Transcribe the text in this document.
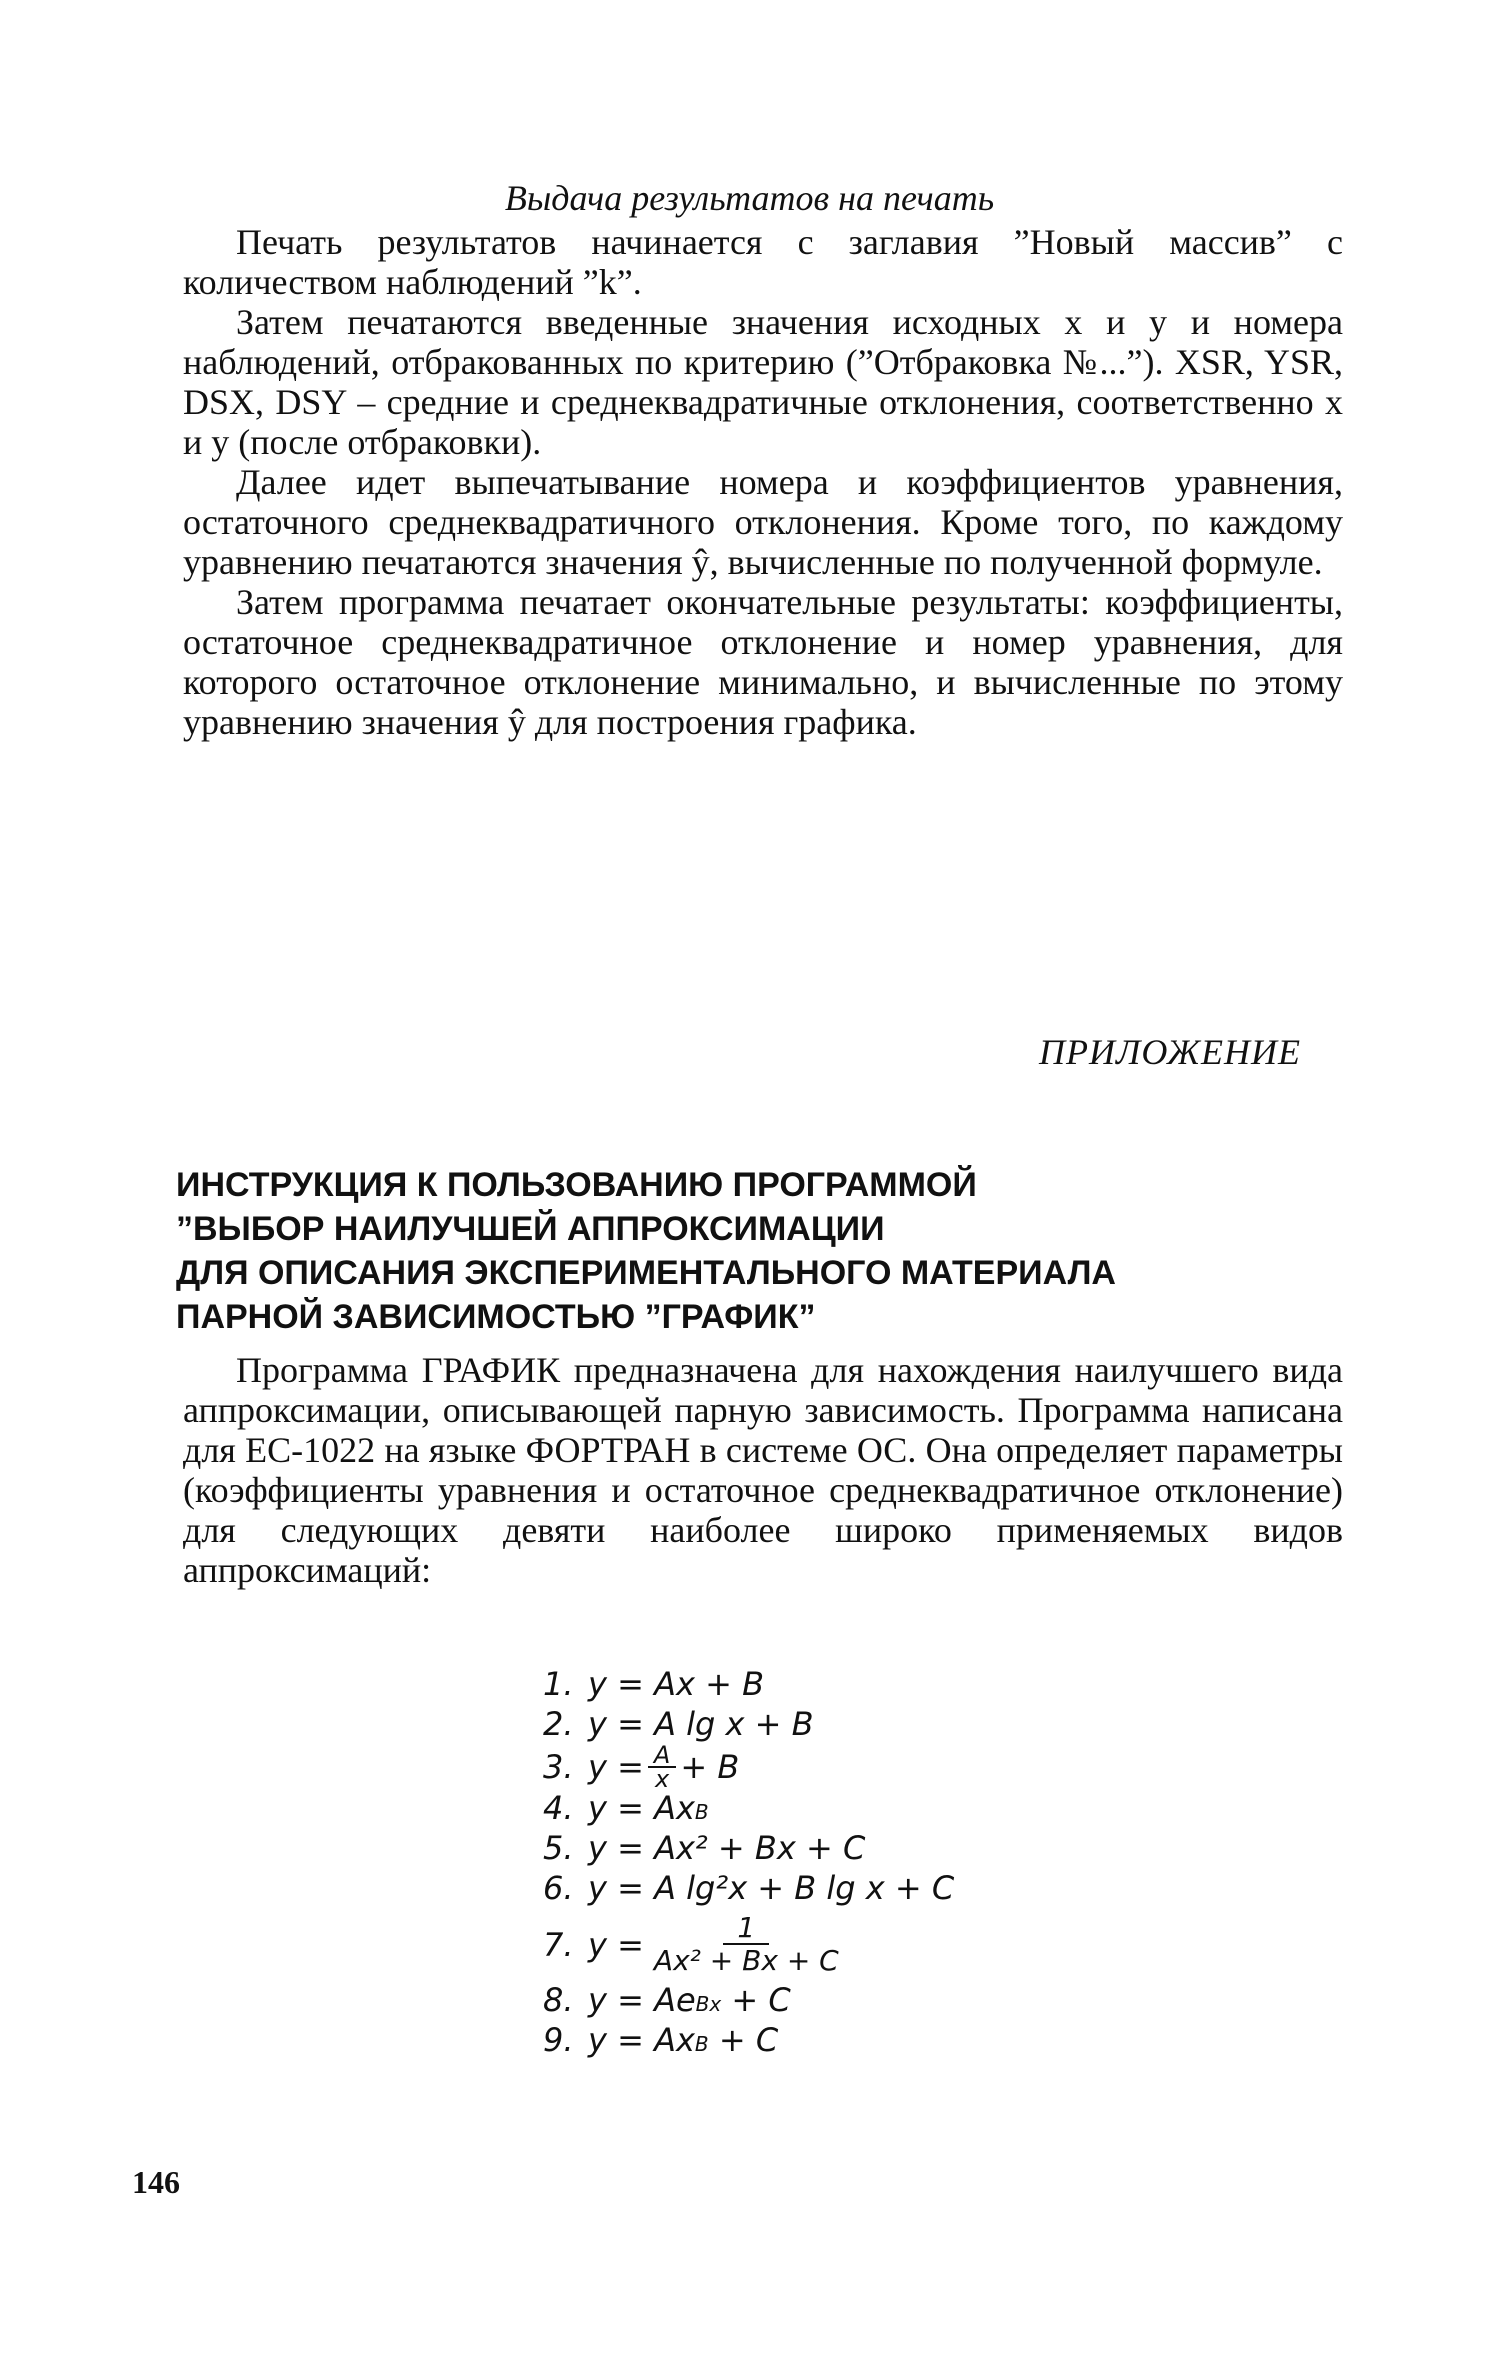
Выдача результатов на печать

Печать результатов начинается с заглавия ”Новый массив” с количеством наблюдений ”k”.

Затем печатаются введенные значения исходных x и y и номера наблюдений, отбракованных по критерию (”Отбраковка №...”). XSR, YSR, DSX, DSY – средние и среднеквадратичные отклонения, соответственно x и y (после отбраковки).

Далее идет выпечатывание номера и коэффициентов уравнения, остаточного среднеквадратичного отклонения. Кроме того, по каждому уравнению печатаются значения ŷ, вычисленные по полученной формуле.

Затем программа печатает окончательные результаты: коэффициенты, остаточное среднеквадратичное отклонение и номер уравнения, для которого остаточное отклонение минимально, и вычисленные по этому уравнению значения ŷ для построения графика.

ПРИЛОЖЕНИЕ
ИНСТРУКЦИЯ К ПОЛЬЗОВАНИЮ ПРОГРАММОЙ
”ВЫБОР НАИЛУЧШЕЙ АППРОКСИМАЦИИ
ДЛЯ ОПИСАНИЯ ЭКСПЕРИМЕНТАЛЬНОГО МАТЕРИАЛА
ПАРНОЙ ЗАВИСИМОСТЬЮ ”ГРАФИК”

Программа ГРАФИК предназначена для нахождения наилучшего вида аппроксимации, описывающей парную зависимость. Программа написана для ЕС-1022 на языке ФОРТРАН в системе ОС. Она определяет параметры (коэффициенты уравнения и остаточное среднеквадратичное отклонение) для следующих девяти наиболее широко применяемых видов аппроксимаций:

1. y = Ax + B
2. y = A lg x + B
3. $y = \frac{A}{x} + B$
4. y = Ax B
5. y = Ax² + Bx + C
6. y = A lg²x + B lg x + C
7. $y = \frac{1}{\text{Ax² + Bx + C}}$
8. y = Ae Bx + C
9. y = Ax B + C
146
